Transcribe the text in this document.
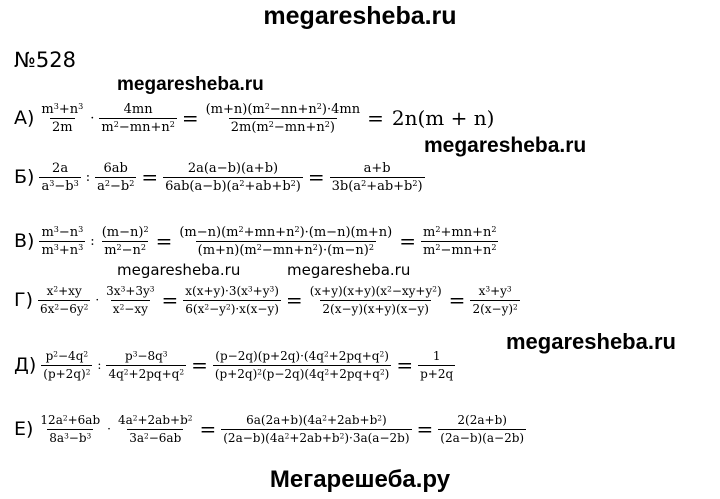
megaresheba.ru
№528
megaresheba.ru
megaresheba.ru
megaresheba.ru	megaresheba.ru
megaresheba.ru
$А) \frac{m^3+n^3}{2m} \cdot \frac{4mn}{m^2-mn+n^2} = \frac{(m+n)(m^2-nn+n^2)\cdot 4mn}{2m(m^2-mn+n^2)} = 2n(m + n)$
$Б) \frac{2a}{a^3-b^3}$ : $\frac{6ab}{a^2-b^2} = \frac{2a(a-b)(a+b)}{6ab(a-b)(a^2+ab+b^2)} = \frac{a+b}{3b(a^2+ab+b^2)}$
$В) \frac{m^3-n^3}{m^3+n^3}$ : $\frac{(m-n)^2}{m^2-n^2} = \frac{(m-n)(m^2+mn+n^2)\cdot(m-n)(m+n)}{(m+n)(m^2-mn+n^2)\cdot(m-n)^2} = \frac{m^2+mn+n^2}{m^2-mn+n^2}$
$Г) \frac{x^2+xy}{6x^2-6y^2} \cdot \frac{3x^3+3y^3}{x^2-xy} = \frac{x(x+y)\cdot 3(x^3+y^3)}{6(x^2-y^2)\cdot x(x-y)} = \frac{(x+y)(x+y)(x^2-xy+y^2)}{2(x-y)(x+y)(x-y)} = \frac{x^3+y^3}{2(x-y)^2}$
$Д) \frac{p^2-4q^2}{(p+2q)^2}$ : $\frac{p^3-8q^3}{4q^2+2pq+q^2} = \frac{(p-2q)(p+2q)\cdot(4q^2+2pq+q^2)}{(p+2q)^2(p-2q)(4q^2+2pq+q^2)} = \frac{1}{p+2q}$
$Е) \frac{12a^2+6ab}{8a^3-b^3} \cdot \frac{4a^2+2ab+b^2}{3a^2-6ab} = \frac{6a(2a+b)(4a^2+2ab+b^2)}{(2a-b)(4a^2+2ab+b^2)\cdot 3a(a-2b)} = \frac{2(2a+b)}{(2a-b)(a-2b)}$
Мегарешеба.ру
